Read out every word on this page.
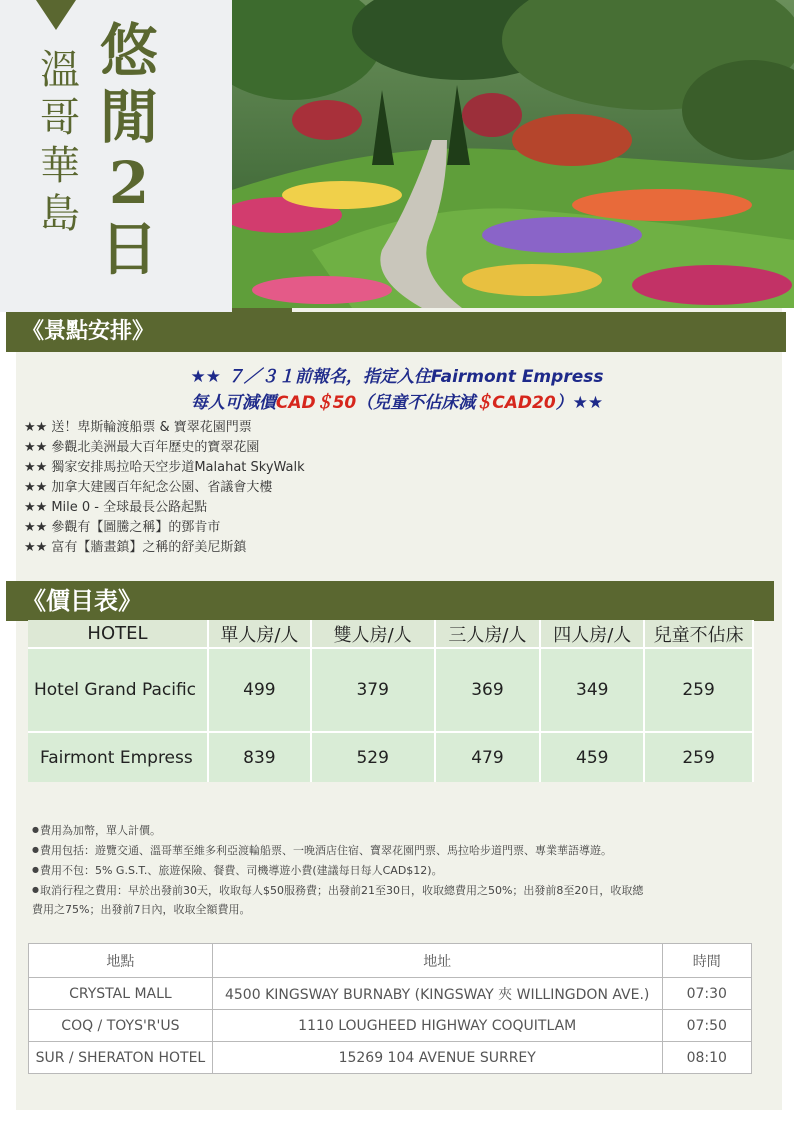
溫
哥
華
島
悠
閒
2
日
《景點安排》
★★ ７／３１前報名，指定入住Fairmont Empress
每人可減價CAD＄50（兒童不佔床減＄CAD20）★★
★★ 送！卑斯輪渡船票 & 寶翠花園門票
★★ 參觀北美洲最大百年歷史的寶翠花園
★★ 獨家安排馬拉哈天空步道Malahat SkyWalk
★★ 加拿大建國百年紀念公園、省議會大樓
★★ Mile 0 - 全球最長公路起點
★★ 參觀有【圖騰之稱】的鄧肯市
★★ 富有【牆畫鎮】之稱的舒美尼斯鎮
《價目表》
HOTEL	單人房/人	雙人房/人	三人房/人	四人房/人	兒童不佔床
Hotel Grand Pacific	499	379	369	349	259
Fairmont Empress	839	529	479	459	259
●費用為加幣，單人計價。
●費用包括：遊覽交通、溫哥華至維多利亞渡輪船票、一晚酒店住宿、寶翠花園門票、馬拉哈步道門票、專業華語導遊。
●費用不包：5% G.S.T.、旅遊保險、餐費、司機導遊小費(建議每日每人CAD$12)。
●取消行程之費用：早於出發前30天，收取每人$50服務費；出發前21至30日，收取總費用之50%；出發前8至20日，收取總
費用之75%；出發前7日內，收取全額費用。
地點	地址	時間
CRYSTAL MALL	4500 KINGSWAY BURNABY (KINGSWAY 夾 WILLINGDON AVE.)	07:30
COQ / TOYS'R'US	1110 LOUGHEED HIGHWAY COQUITLAM	07:50
SUR / SHERATON HOTEL	15269 104 AVENUE SURREY	08:10
